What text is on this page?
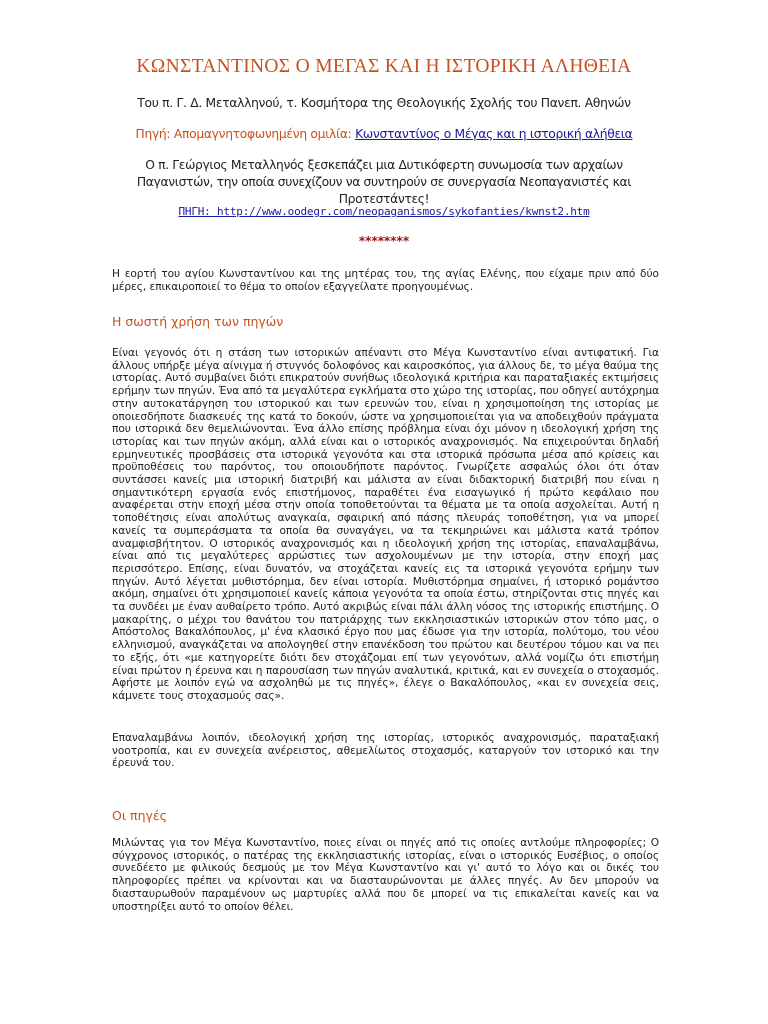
ΚΩΝΣΤΑΝΤΙΝΟΣ Ο ΜΕΓΑΣ ΚΑΙ Η ΙΣΤΟΡΙΚΗ ΑΛΗΘΕΙΑ
Του π. Γ. Δ. Μεταλληνού, τ. Κοσμήτορα της Θεολογικής Σχολής του Πανεπ. Αθηνών
Πηγή: Απομαγνητοφωνημένη ομιλία: Κωνσταντίνος ο Μέγας και η ιστορική αλήθεια
Ο π. Γεώργιος Μεταλληνός ξεσκεπάζει μια Δυτικόφερτη συνωμοσία των αρχαίων Παγανιστών, την οποία συνεχίζουν να συντηρούν σε συνεργασία Νεοπαγανιστές και Προτεστάντες!
ΠΗΓΗ: http://www.oodegr.com/neopaganismos/sykofanties/kwnst2.htm
********
Η εορτή του αγίου Κωνσταντίνου και της μητέρας του, της αγίας Ελένης, που είχαμε πριν από δύο μέρες, επικαιροποιεί το θέμα το οποίον εξαγγείλατε προηγουμένως.
Η σωστή χρήση των πηγών
Είναι γεγονός ότι η στάση των ιστορικών απέναντι στο Μέγα Κωνσταντίνο είναι αντιφατική. Για άλλους υπήρξε μέγα αίνιγμα ή στυγνός δολοφόνος και καιροσκόπος, για άλλους δε, το μέγα θαύμα της ιστορίας. Αυτό συμβαίνει διότι επικρατούν συνήθως ιδεολογικά κριτήρια και παραταξιακές εκτιμήσεις ερήμην των πηγών. Ένα από τα μεγαλύτερα εγκλήματα στο χώρο της ιστορίας, που οδηγεί αυτόχρημα στην αυτοκατάργηση του ιστορικού και των ερευνών του, είναι η χρησιμοποίηση της ιστορίας με οποιεσδήποτε διασκευές της κατά το δοκούν, ώστε να χρησιμοποιείται για να αποδειχθούν πράγματα που ιστορικά δεν θεμελιώνονται. Ένα άλλο επίσης πρόβλημα είναι όχι μόνον η ιδεολογική χρήση της ιστορίας και των πηγών ακόμη, αλλά είναι και ο ιστορικός αναχρονισμός. Να επιχειρούνται δηλαδή ερμηνευτικές προσβάσεις στα ιστορικά γεγονότα και στα ιστορικά πρόσωπα μέσα από κρίσεις και προϋποθέσεις του παρόντος, του οποιουδήποτε παρόντος. Γνωρίζετε ασφαλώς όλοι ότι όταν συντάσσει κανείς μια ιστορική διατριβή και μάλιστα αν είναι διδακτορική διατριβή που είναι η σημαντικότερη εργασία ενός επιστήμονος, παραθέτει ένα εισαγωγικό ή πρώτο κεφάλαιο που αναφέρεται στην εποχή μέσα στην οποία τοποθετούνται τα θέματα με τα οποία ασχολείται. Αυτή η τοποθέτησις είναι απολύτως αναγκαία, σφαιρική από πάσης πλευράς τοποθέτηση, για να μπορεί κανείς τα συμπεράσματα τα οποία θα συναγάγει, να τα τεκμηριώνει και μάλιστα κατά τρόπον αναμφισβήτητον. Ο ιστορικός αναχρονισμός και η ιδεολογική χρήση της ιστορίας, επαναλαμβάνω, είναι από τις μεγαλύτερες αρρώστιες των ασχολουμένων με την ιστορία, στην εποχή μας περισσότερο. Επίσης, είναι δυνατόν, να στοχάζεται κανείς εις τα ιστορικά γεγονότα ερήμην των πηγών. Αυτό λέγεται μυθιστόρημα, δεν είναι ιστορία. Μυθιστόρημα σημαίνει, ή ιστορικό ρομάντσο ακόμη, σημαίνει ότι χρησιμοποιεί κανείς κάποια γεγονότα τα οποία έστω, στηρίζονται στις πηγές και τα συνδέει με έναν αυθαίρετο τρόπο. Αυτό ακριβώς είναι πάλι άλλη νόσος της ιστορικής επιστήμης. Ο μακαρίτης, ο μέχρι του θανάτου του πατριάρχης των εκκλησιαστικών ιστορικών στον τόπο μας, ο Απόστολος Βακαλόπουλος, μ' ένα κλασικό έργο που μας έδωσε για την ιστορία, πολύτομο, του νέου ελληνισμού, αναγκάζεται να απολογηθεί στην επανέκδοση του πρώτου και δευτέρου τόμου και να πει το εξής, ότι «με κατηγορείτε διότι δεν στοχάζομαι επί των γεγονότων, αλλά νομίζω ότι επιστήμη είναι πρώτον η έρευνα και η παρουσίαση των πηγών αναλυτικά, κριτικά, και εν συνεχεία ο στοχασμός. Αφήστε με λοιπόν εγώ να ασχοληθώ με τις πηγές», έλεγε ο Βακαλόπουλος, «και εν συνεχεία σεις, κάμνετε τους στοχασμούς σας».
Επαναλαμβάνω λοιπόν, ιδεολογική χρήση της ιστορίας, ιστορικός αναχρονισμός, παραταξιακή νοοτροπία, και εν συνεχεία ανέρειστος, αθεμελίωτος στοχασμός, καταργούν τον ιστορικό και την έρευνά του.
Οι πηγές
Μιλώντας για τον Μέγα Κωνσταντίνο, ποιες είναι οι πηγές από τις οποίες αντλούμε πληροφορίες; Ο σύγχρονος ιστορικός, ο πατέρας της εκκλησιαστικής ιστορίας, είναι ο ιστορικός Ευσέβιος, ο οποίος συνεδέετο με φιλικούς δεσμούς με τον Μέγα Κωνσταντίνο και γι' αυτό το λόγο και οι δικές του πληροφορίες πρέπει να κρίνονται και να διασταυρώνονται με άλλες πηγές. Αν δεν μπορούν να διασταυρωθούν παραμένουν ως μαρτυρίες αλλά που δε μπορεί να τις επικαλείται κανείς και να υποστηρίξει αυτό το οποίον θέλει.
